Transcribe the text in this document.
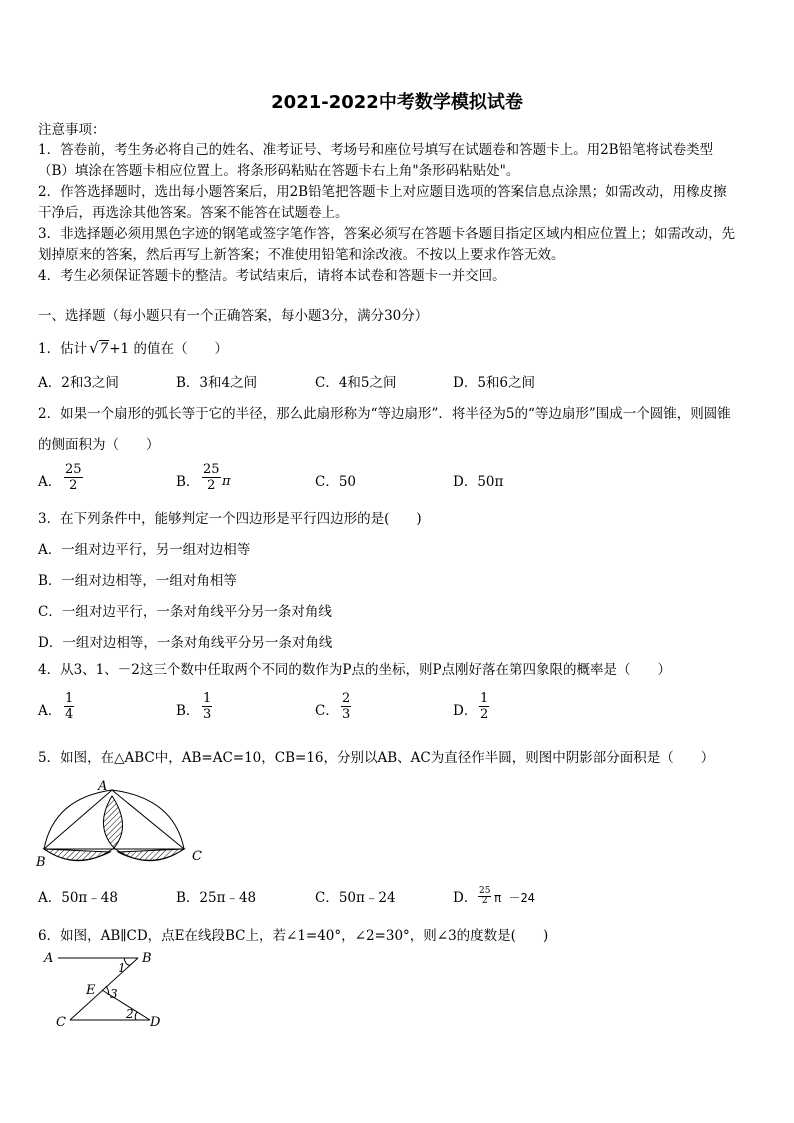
2021-2022中考数学模拟试卷
注意事项：
1．答卷前，考生务必将自己的姓名、准考证号、考场号和座位号填写在试题卷和答题卡上。用2B铅笔将试卷类型
（B）填涂在答题卡相应位置上。将条形码粘贴在答题卡右上角"条形码粘贴处"。
2．作答选择题时，选出每小题答案后，用2B铅笔把答题卡上对应题目选项的答案信息点涂黑；如需改动，用橡皮擦
干净后，再选涂其他答案。答案不能答在试题卷上。
3．非选择题必须用黑色字迹的钢笔或签字笔作答，答案必须写在答题卡各题目指定区域内相应位置上；如需改动，先
划掉原来的答案，然后再写上新答案；不准使用铅笔和涂改液。不按以上要求作答无效。
4．考生必须保证答题卡的整洁。考试结束后，请将本试卷和答题卡一并交回。
一、选择题（每小题只有一个正确答案，每小题3分，满分30分）
1．估计 √7+1 的值在（　　）
A．2和3之间	B．3和4之间	C．4和5之间	D．5和6之间
2．如果一个扇形的弧长等于它的半径，那么此扇形称为“等边扇形”．将半径为5的“等边扇形”围成一个圆锥，则圆锥
的侧面积为（　　）
A． $\frac{25}{2}$	B． $\frac{25}{2}$ π	C．50	D．50π
3．在下列条件中，能够判定一个四边形是平行四边形的是(　　)
A．一组对边平行，另一组对边相等
B．一组对边相等，一组对角相等
C．一组对边平行，一条对角线平分另一条对角线
D．一组对边相等，一条对角线平分另一条对角线
4．从3、1、－2这三个数中任取两个不同的数作为P点的坐标，则P点刚好落在第四象限的概率是（　　）
A． $\frac{1}{4}$	B． $\frac{1}{3}$	C． $\frac{2}{3}$	D． $\frac{1}{2}$
5．如图，在△ABC中，AB=AC=10，CB=16，分别以AB、AC为直径作半圆，则图中阴影部分面积是（　　）
A
B	C
A．50π﹣48	B．25π﹣48	C．50π﹣24	D． $\frac{25}{2}$ π －24
6．如图，AB∥CD，点E在线段BC上，若∠1=40°，∠2=30°，则∠3的度数是(　　)
A	B
E
C	D
1
3
2
